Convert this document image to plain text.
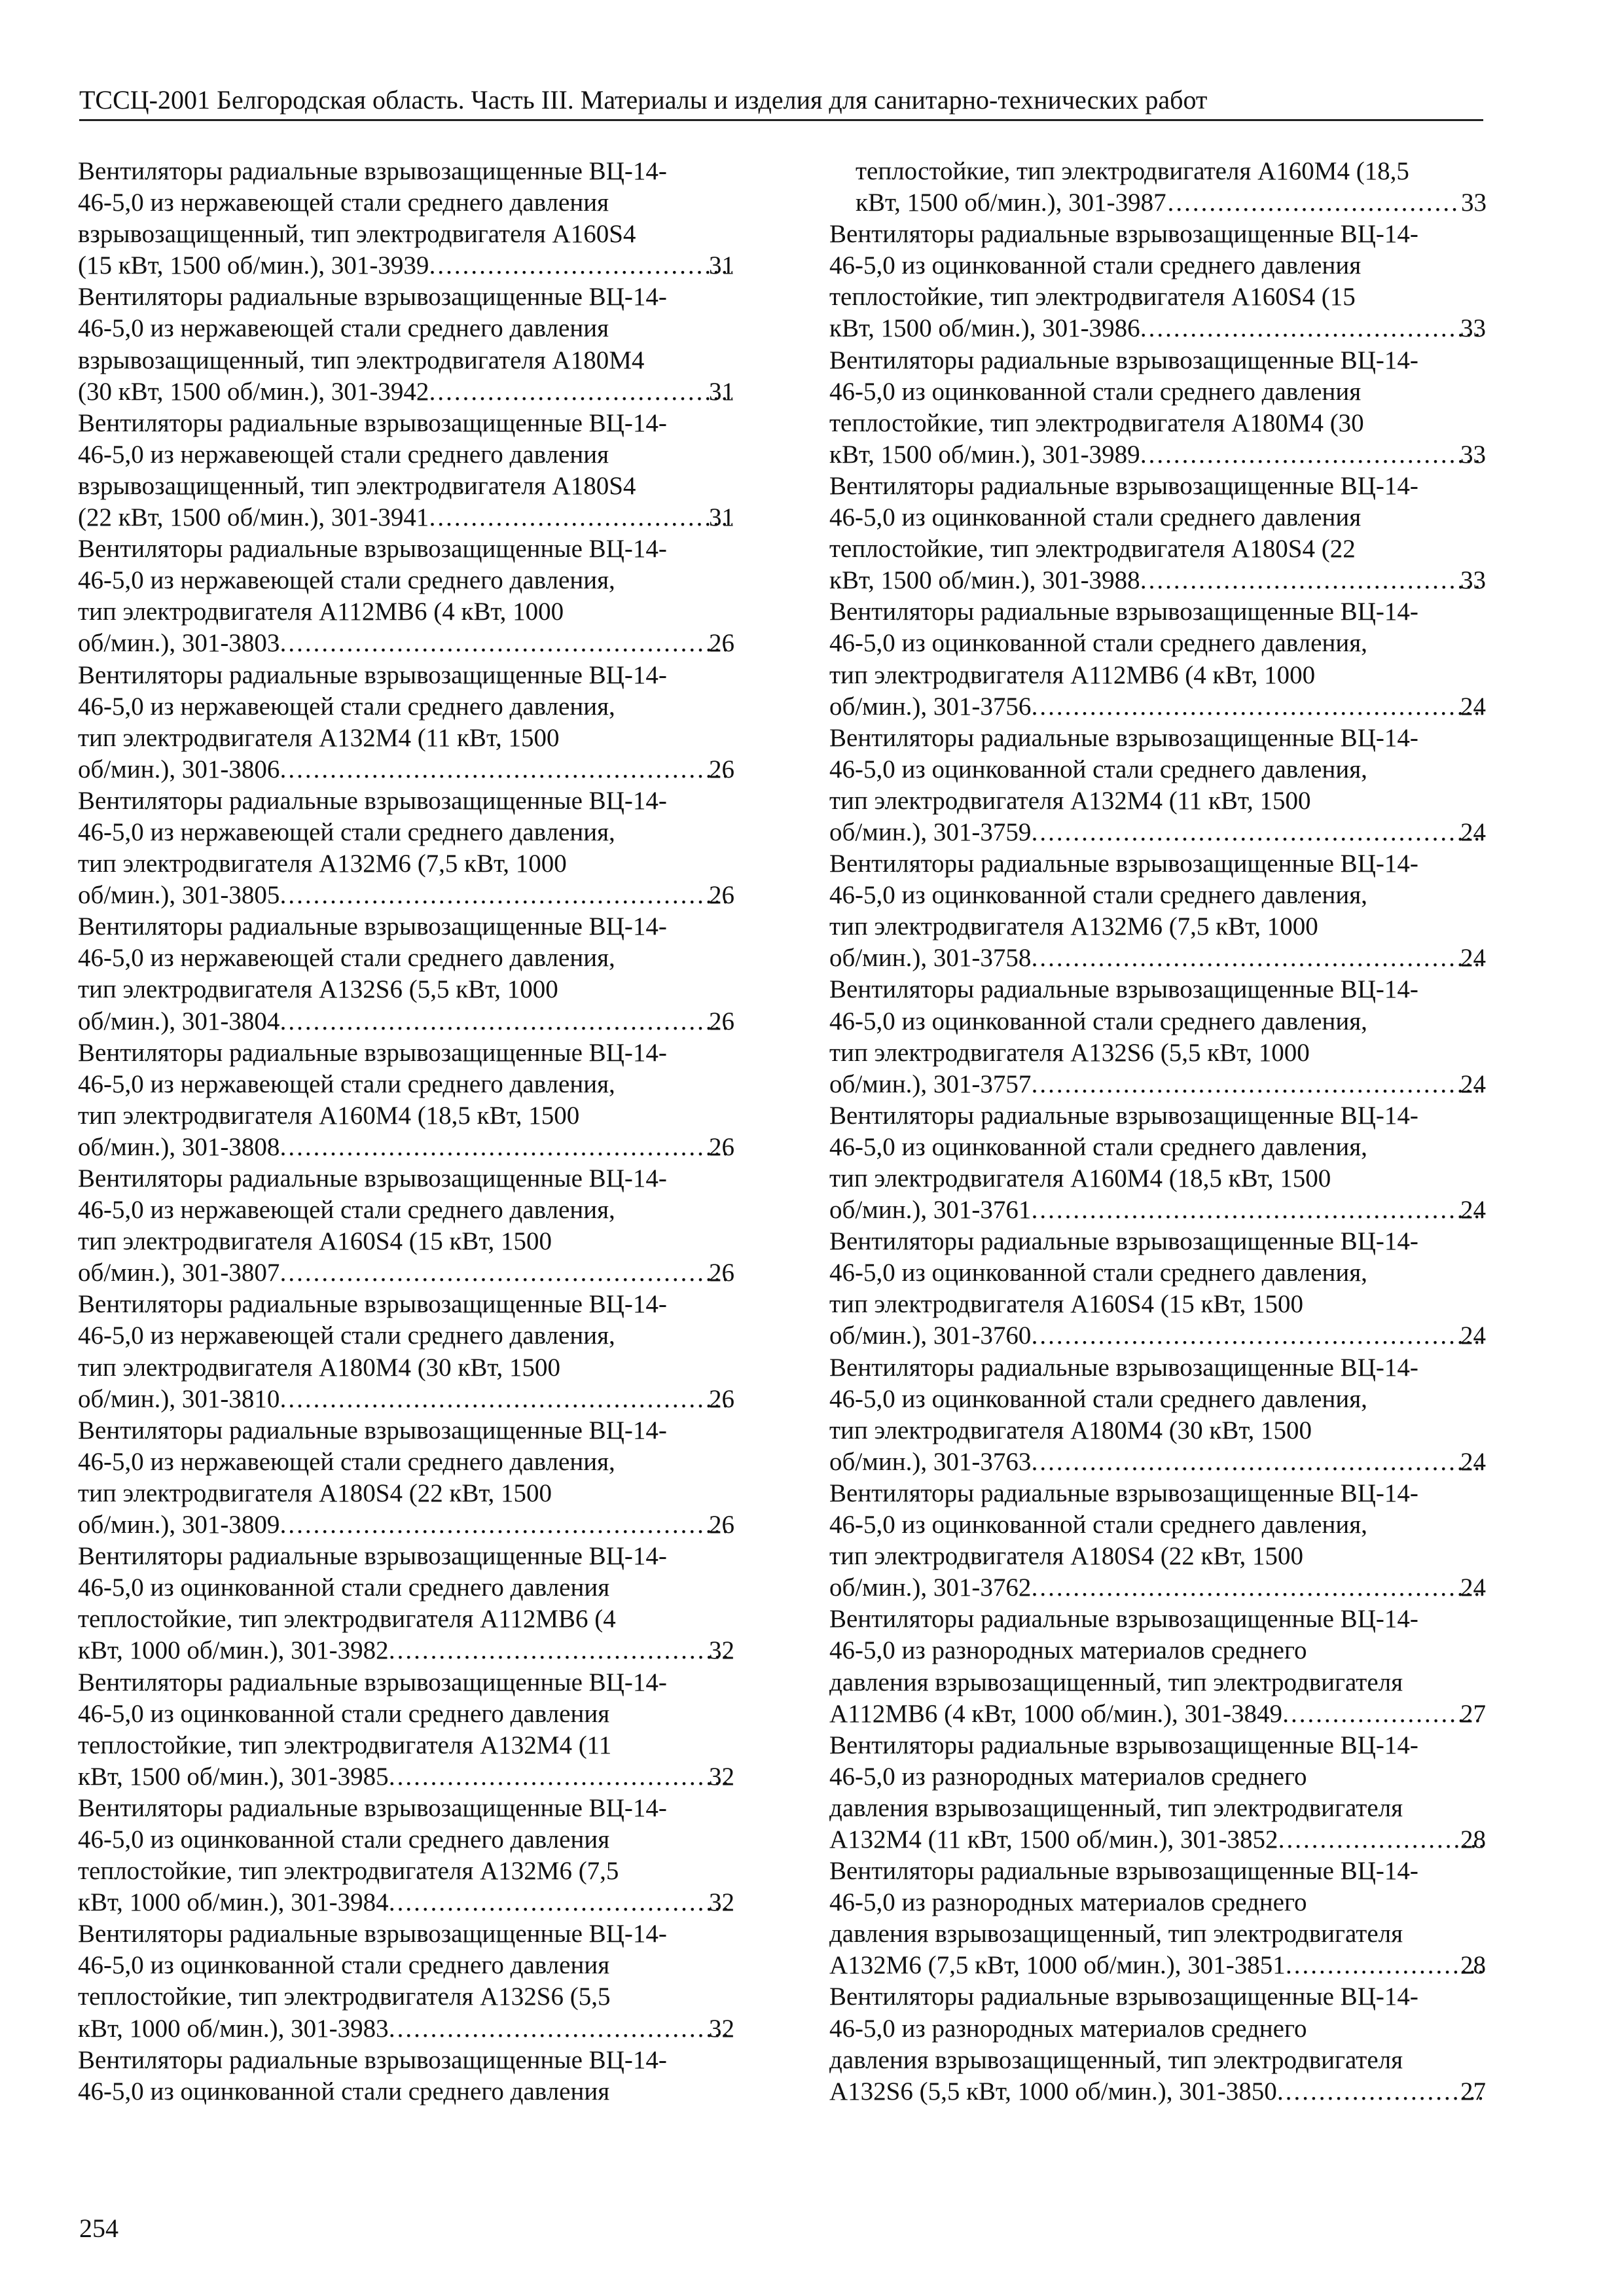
ТССЦ-2001 Белгородская область. Часть III. Материалы и изделия для санитарно-технических работ
Вентиляторы радиальные взрывозащищенные ВЦ-14-
46-5,0 из нержавеющей стали среднего давления
взрывозащищенный, тип электродвигателя А160S4
(15 кВт, 1500 об/мин.), 301-3939 .....	31
Вентиляторы радиальные взрывозащищенные ВЦ-14-
46-5,0 из нержавеющей стали среднего давления
взрывозащищенный, тип электродвигателя А180М4
(30 кВт, 1500 об/мин.), 301-3942 .....	31
Вентиляторы радиальные взрывозащищенные ВЦ-14-
46-5,0 из нержавеющей стали среднего давления
взрывозащищенный, тип электродвигателя А180S4
(22 кВт, 1500 об/мин.), 301-3941 .....	31
Вентиляторы радиальные взрывозащищенные ВЦ-14-
46-5,0 из нержавеющей стали среднего давления,
тип электродвигателя А112МВ6 (4 кВт, 1000
об/мин.), 301-3803 .....	26
Вентиляторы радиальные взрывозащищенные ВЦ-14-
46-5,0 из нержавеющей стали среднего давления,
тип электродвигателя А132М4 (11 кВт, 1500
об/мин.), 301-3806 .....	26
Вентиляторы радиальные взрывозащищенные ВЦ-14-
46-5,0 из нержавеющей стали среднего давления,
тип электродвигателя А132М6 (7,5 кВт, 1000
об/мин.), 301-3805 .....	26
Вентиляторы радиальные взрывозащищенные ВЦ-14-
46-5,0 из нержавеющей стали среднего давления,
тип электродвигателя А132S6 (5,5 кВт, 1000
об/мин.), 301-3804 .....	26
Вентиляторы радиальные взрывозащищенные ВЦ-14-
46-5,0 из нержавеющей стали среднего давления,
тип электродвигателя А160М4 (18,5 кВт, 1500
об/мин.), 301-3808 .....	26
Вентиляторы радиальные взрывозащищенные ВЦ-14-
46-5,0 из нержавеющей стали среднего давления,
тип электродвигателя А160S4 (15 кВт, 1500
об/мин.), 301-3807 .....	26
Вентиляторы радиальные взрывозащищенные ВЦ-14-
46-5,0 из нержавеющей стали среднего давления,
тип электродвигателя А180М4 (30 кВт, 1500
об/мин.), 301-3810 .....	26
Вентиляторы радиальные взрывозащищенные ВЦ-14-
46-5,0 из нержавеющей стали среднего давления,
тип электродвигателя А180S4 (22 кВт, 1500
об/мин.), 301-3809 .....	26
Вентиляторы радиальные взрывозащищенные ВЦ-14-
46-5,0 из оцинкованной стали среднего давления
теплостойкие, тип электродвигателя А112МВ6 (4
кВт, 1000 об/мин.), 301-3982 .....	32
Вентиляторы радиальные взрывозащищенные ВЦ-14-
46-5,0 из оцинкованной стали среднего давления
теплостойкие, тип электродвигателя А132М4 (11
кВт, 1500 об/мин.), 301-3985 .....	32
Вентиляторы радиальные взрывозащищенные ВЦ-14-
46-5,0 из оцинкованной стали среднего давления
теплостойкие, тип электродвигателя А132М6 (7,5
кВт, 1000 об/мин.), 301-3984 .....	32
Вентиляторы радиальные взрывозащищенные ВЦ-14-
46-5,0 из оцинкованной стали среднего давления
теплостойкие, тип электродвигателя А132S6 (5,5
кВт, 1000 об/мин.), 301-3983 .....	32
Вентиляторы радиальные взрывозащищенные ВЦ-14-
46-5,0 из оцинкованной стали среднего давления
теплостойкие, тип электродвигателя А160М4 (18,5
кВт, 1500 об/мин.), 301-3987 .....	33
Вентиляторы радиальные взрывозащищенные ВЦ-14-
46-5,0 из оцинкованной стали среднего давления
теплостойкие, тип электродвигателя А160S4 (15
кВт, 1500 об/мин.), 301-3986 .....	33
Вентиляторы радиальные взрывозащищенные ВЦ-14-
46-5,0 из оцинкованной стали среднего давления
теплостойкие, тип электродвигателя А180М4 (30
кВт, 1500 об/мин.), 301-3989 .....	33
Вентиляторы радиальные взрывозащищенные ВЦ-14-
46-5,0 из оцинкованной стали среднего давления
теплостойкие, тип электродвигателя А180S4 (22
кВт, 1500 об/мин.), 301-3988 .....	33
Вентиляторы радиальные взрывозащищенные ВЦ-14-
46-5,0 из оцинкованной стали среднего давления,
тип электродвигателя А112МВ6 (4 кВт, 1000
об/мин.), 301-3756 .....	24
Вентиляторы радиальные взрывозащищенные ВЦ-14-
46-5,0 из оцинкованной стали среднего давления,
тип электродвигателя А132М4 (11 кВт, 1500
об/мин.), 301-3759 .....	24
Вентиляторы радиальные взрывозащищенные ВЦ-14-
46-5,0 из оцинкованной стали среднего давления,
тип электродвигателя А132М6 (7,5 кВт, 1000
об/мин.), 301-3758 .....	24
Вентиляторы радиальные взрывозащищенные ВЦ-14-
46-5,0 из оцинкованной стали среднего давления,
тип электродвигателя А132S6 (5,5 кВт, 1000
об/мин.), 301-3757 .....	24
Вентиляторы радиальные взрывозащищенные ВЦ-14-
46-5,0 из оцинкованной стали среднего давления,
тип электродвигателя А160М4 (18,5 кВт, 1500
об/мин.), 301-3761 .....	24
Вентиляторы радиальные взрывозащищенные ВЦ-14-
46-5,0 из оцинкованной стали среднего давления,
тип электродвигателя А160S4 (15 кВт, 1500
об/мин.), 301-3760 .....	24
Вентиляторы радиальные взрывозащищенные ВЦ-14-
46-5,0 из оцинкованной стали среднего давления,
тип электродвигателя А180М4 (30 кВт, 1500
об/мин.), 301-3763 .....	24
Вентиляторы радиальные взрывозащищенные ВЦ-14-
46-5,0 из оцинкованной стали среднего давления,
тип электродвигателя А180S4 (22 кВт, 1500
об/мин.), 301-3762 .....	24
Вентиляторы радиальные взрывозащищенные ВЦ-14-
46-5,0 из разнородных материалов среднего
давления взрывозащищенный, тип электродвигателя
А112МВ6 (4 кВт, 1000 об/мин.), 301-3849 .....	27
Вентиляторы радиальные взрывозащищенные ВЦ-14-
46-5,0 из разнородных материалов среднего
давления взрывозащищенный, тип электродвигателя
А132М4 (11 кВт, 1500 об/мин.), 301-3852 .....	28
Вентиляторы радиальные взрывозащищенные ВЦ-14-
46-5,0 из разнородных материалов среднего
давления взрывозащищенный, тип электродвигателя
А132М6 (7,5 кВт, 1000 об/мин.), 301-3851 .....	28
Вентиляторы радиальные взрывозащищенные ВЦ-14-
46-5,0 из разнородных материалов среднего
давления взрывозащищенный, тип электродвигателя
А132S6 (5,5 кВт, 1000 об/мин.), 301-3850 .....	27
254
